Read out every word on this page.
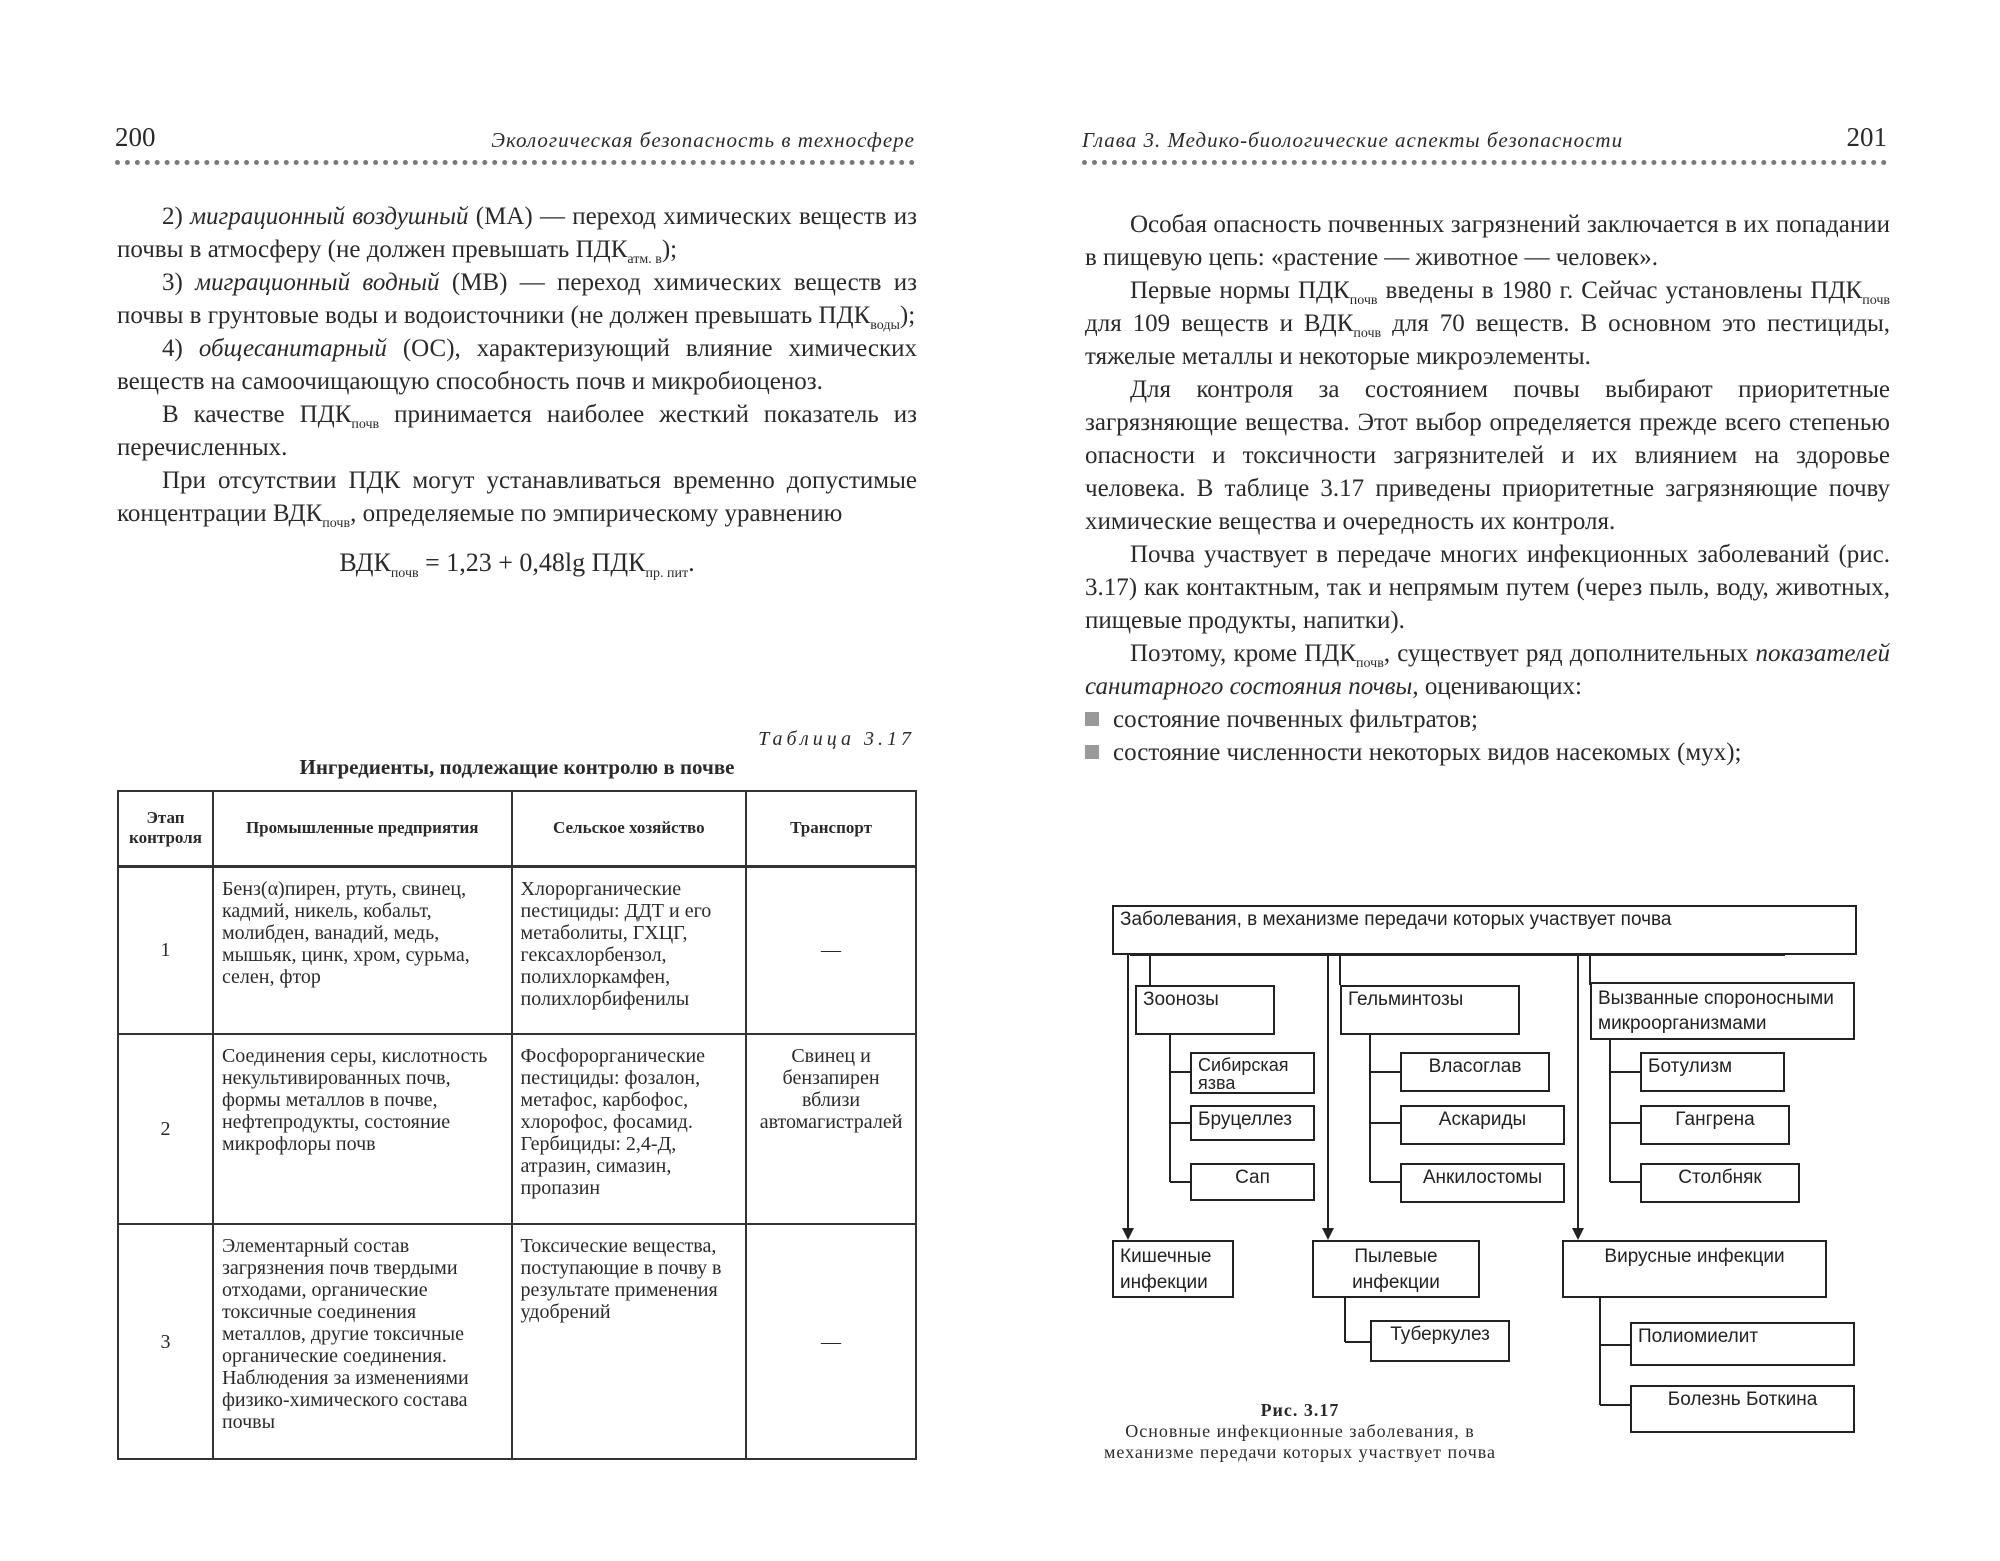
200	Экологическая безопасность в техносфере

2) миграционный воздушный (МА) — переход химических веществ из почвы в атмосферу (не должен превышать $ПДК_{атм. в}$);

3) миграционный водный (МВ) — переход химических веществ из почвы в грунтовые воды и водоисточники (не должен превышать $ПДК_{воды}$);

4) общесанитарный (ОС), характеризующий влияние химических веществ на самоочищающую способность почв и микробиоценоз.

В качестве $ПДК_{почв}$ принимается наиболее жесткий показатель из перечисленных.

При отсутствии ПДК могут устанавливаться временно допустимые концентрации $ВДК_{почв}$, определяемые по эмпирическому уравнению

$ВДК_{почв} = 1,23 + 0,48\lg$ $ПДК_{пр. пит}$.
Таблица 3.17
Ингредиенты, подлежащие контролю в почве
Этап контроля	Промышленные предприятия	Сельское хозяйство	Транспорт
1	Бенз(α)пирен, ртуть, свинец, кадмий, никель, кобальт, молибден, ванадий, медь, мышьяк, цинк, хром, сурьма, селен, фтор	Хлорорганические пестициды: ДДТ и его метаболиты, ГХЦГ, гексахлорбензол, полихлоркамфен, полихлорбифенилы	—
2	Соединения серы, кислотность некультивированных почв, формы металлов в почве, нефтепродукты, состояние микрофлоры почв	Фосфорорганические пестициды: фозалон, метафос, карбофос, хлорофос, фосамид. Гербициды: 2,4-Д, атразин, симазин, пропазин	Свинец и бензапирен вблизи автомагистралей
3	Элементарный состав загрязнения почв твердыми отходами, органические токсичные соединения металлов, другие токсичные органические соединения. Наблюдения за изменениями физико-химического состава почвы	Токсические вещества, поступающие в почву в результате применения удобрений	—
Глава 3. Медико-биологические аспекты безопасности	201

Особая опасность почвенных загрязнений заключается в их попадании в пищевую цепь: «растение — животное — человек».

Первые нормы $ПДК_{почв}$ введены в 1980 г. Сейчас установлены $ПДК_{почв}$ для 109 веществ и $ВДК_{почв}$ для 70 веществ. В основном это пестициды, тяжелые металлы и некоторые микроэлементы.

Для контроля за состоянием почвы выбирают приоритетные загрязняющие вещества. Этот выбор определяется прежде всего степенью опасности и токсичности загрязнителей и их влиянием на здоровье человека. В таблице 3.17 приведены приоритетные загрязняющие почву химические вещества и очередность их контроля.

Почва участвует в передаче многих инфекционных заболеваний (рис. 3.17) как контактным, так и непрямым путем (через пыль, воду, животных, пищевые продукты, напитки).

Поэтому, кроме $ПДК_{почв}$, существует ряд дополнительных показателей санитарного состояния почвы, оценивающих:

состояние почвенных фильтратов;
состояние численности некоторых видов насекомых (мух);
Заболевания, в механизме передачи которых участвует почва
Зоонозы
Сибирская язва
Бруцеллез
Сап
Гельминтозы
Власоглав
Аскариды
Анкилостомы
Вызванные спороносными микроорганизмами
Ботулизм
Гангрена
Столбняк
Кишечные инфекции
Пылевые инфекции
Туберкулез
Вирусные инфекции
Полиомиелит
Болезнь Боткина
Рис. 3.17
Основные инфекционные заболевания, в механизме передачи которых участвует почва
